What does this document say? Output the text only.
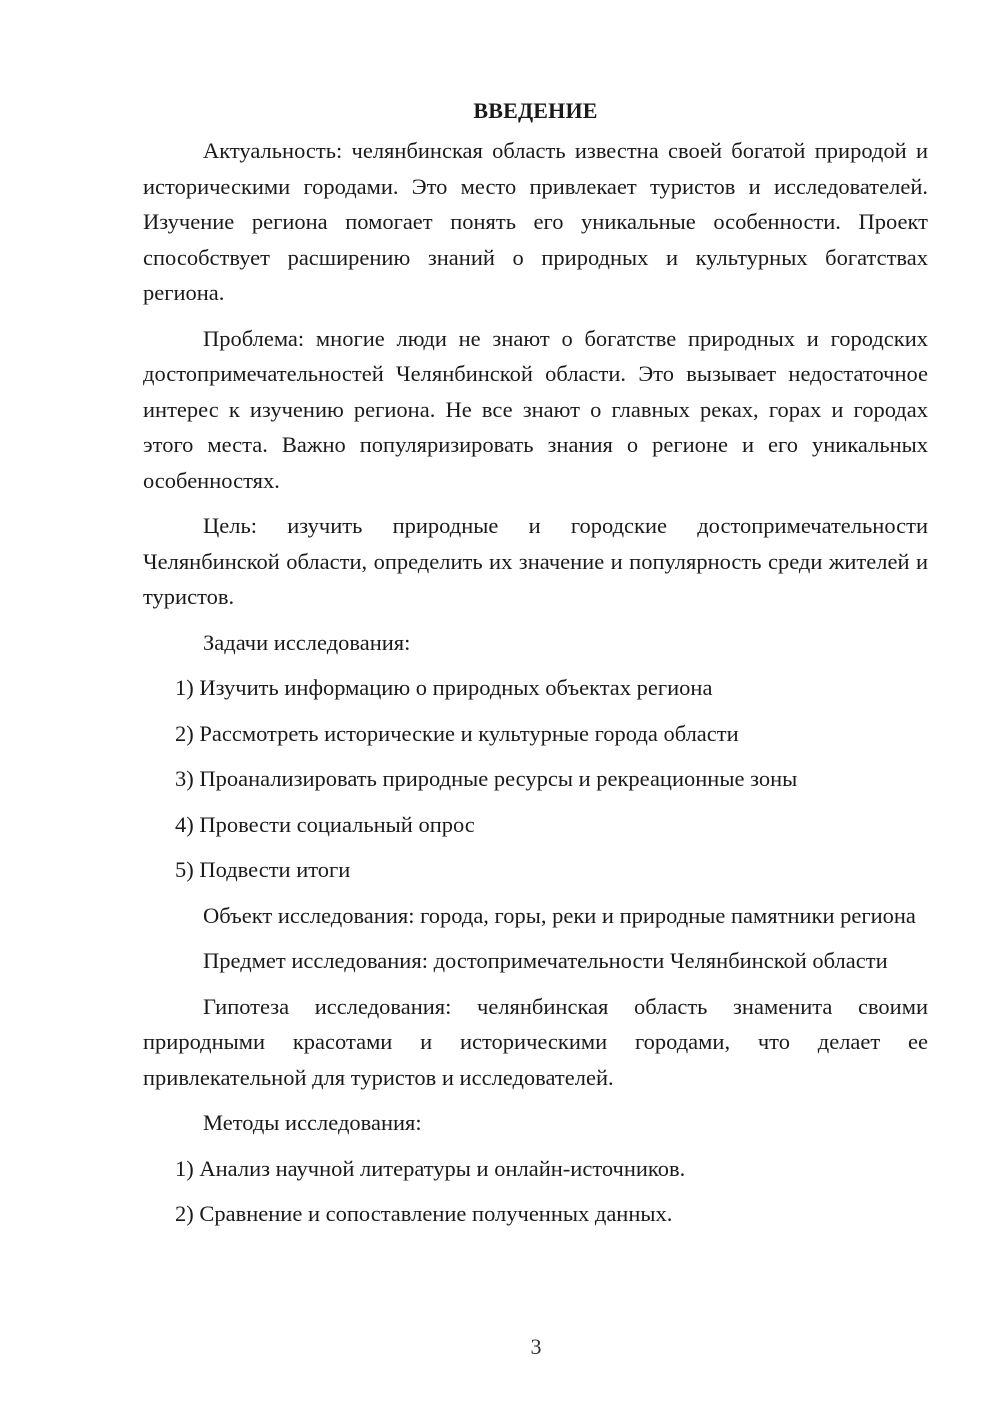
ВВЕДЕНИЕ

Актуальность: челянбинская область известна своей богатой природой и историческими городами. Это место привлекает туристов и исследователей. Изучение региона помогает понять его уникальные особенности. Проект способствует расширению знаний о природных и культурных богатствах региона.

Проблема: многие люди не знают о богатстве природных и городских достопримечательностей Челянбинской области. Это вызывает недостаточное интерес к изучению региона. Не все знают о главных реках, горах и городах этого места. Важно популяризировать знания о регионе и его уникальных особенностях.

Цель: изучить природные и городские достопримечательности Челянбинской области, определить их значение и популярность среди жителей и туристов.

Задачи исследования:
1) Изучить информацию о природных объектах региона
2) Рассмотреть исторические и культурные города области
3) Проанализировать природные ресурсы и рекреационные зоны
4) Провести социальный опрос
5) Подвести итоги

Объект исследования: города, горы, реки и природные памятники региона

Предмет исследования: достопримечательности Челянбинской области

Гипотеза исследования: челянбинская область знаменита своими природными красотами и историческими городами, что делает ее привлекательной для туристов и исследователей.

Методы исследования:
1) Анализ научной литературы и онлайн-источников.
2) Сравнение и сопоставление полученных данных.
3
